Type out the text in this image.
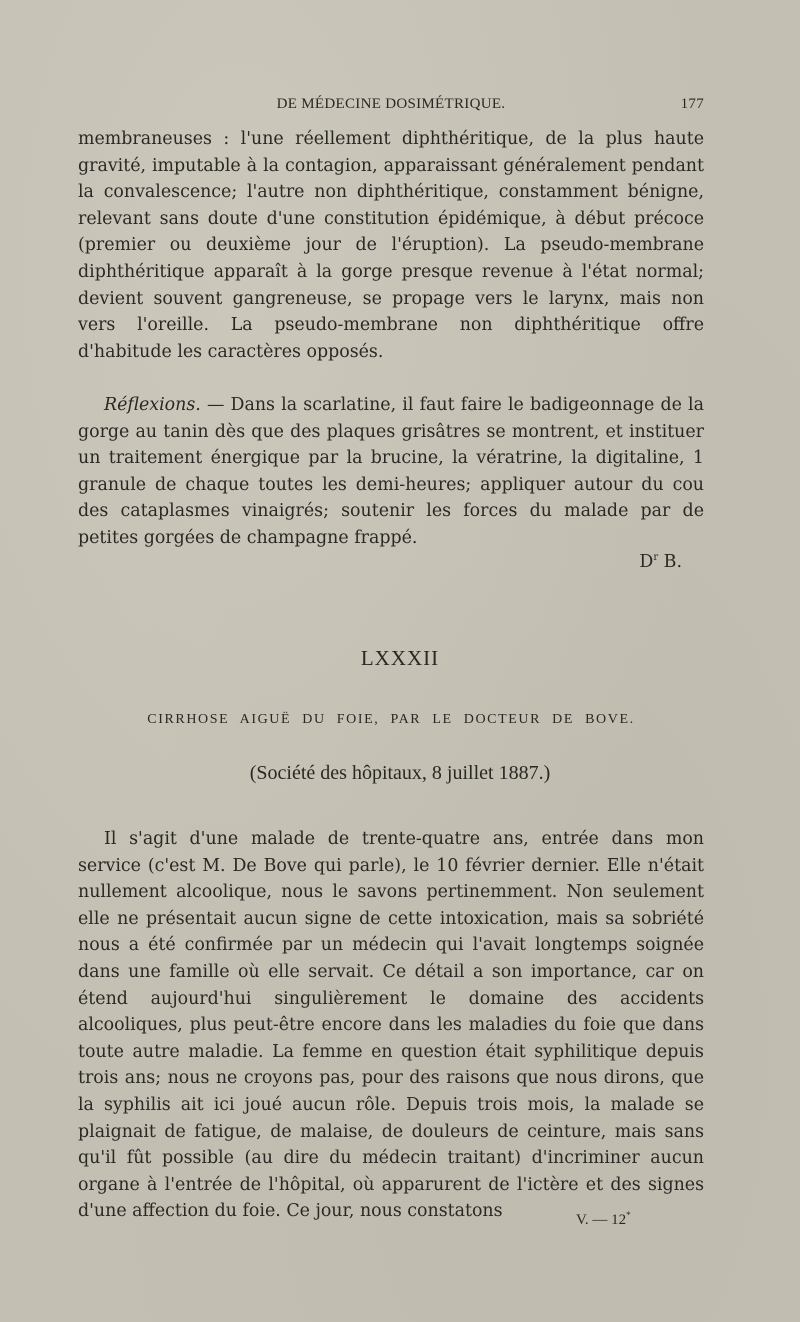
DE MÉDECINE DOSIMÉTRIQUE.	177

membraneuses : l'une réellement diphthéritique, de la plus haute gravité, imputable à la contagion, apparaissant généralement pendant la convalescence; l'autre non diphthéritique, constamment bénigne, relevant sans doute d'une constitution épidémique, à début précoce (premier ou deuxième jour de l'éruption). La pseudo-membrane diphthéritique apparaît à la gorge presque revenue à l'état normal; devient souvent gangreneuse, se propage vers le larynx, mais non vers l'oreille. La pseudo-membrane non diphthéritique offre d'habitude les caractères opposés.

Réflexions. — Dans la scarlatine, il faut faire le badigeonnage de la gorge au tanin dès que des plaques grisâtres se montrent, et instituer un traitement énergique par la brucine, la vératrine, la digitaline, 1 granule de chaque toutes les demi-heures; appliquer autour du cou des cataplasmes vinaigrés; soutenir les forces du malade par de petites gorgées de champagne frappé.

$D^r$ B.
LXXXII
CIRRHOSE AIGUË DU FOIE, PAR LE DOCTEUR DE BOVE.
(Société des hôpitaux, 8 juillet 1887.)

Il s'agit d'une malade de trente-quatre ans, entrée dans mon service (c'est M. De Bove qui parle), le 10 février dernier. Elle n'était nullement alcoolique, nous le savons pertinemment. Non seulement elle ne présentait aucun signe de cette intoxication, mais sa sobriété nous a été confirmée par un médecin qui l'avait longtemps soignée dans une famille où elle servait. Ce détail a son importance, car on étend aujourd'hui singulièrement le domaine des accidents alcooliques, plus peut-être encore dans les maladies du foie que dans toute autre maladie. La femme en question était syphilitique depuis trois ans; nous ne croyons pas, pour des raisons que nous dirons, que la syphilis ait ici joué aucun rôle. Depuis trois mois, la malade se plaignait de fatigue, de malaise, de douleurs de ceinture, mais sans qu'il fût possible (au dire du médecin traitant) d'incriminer aucun organe à l'entrée de l'hôpital, où apparurent de l'ictère et des signes d'une affection du foie. Ce jour, nous constatons	V. — 12*
